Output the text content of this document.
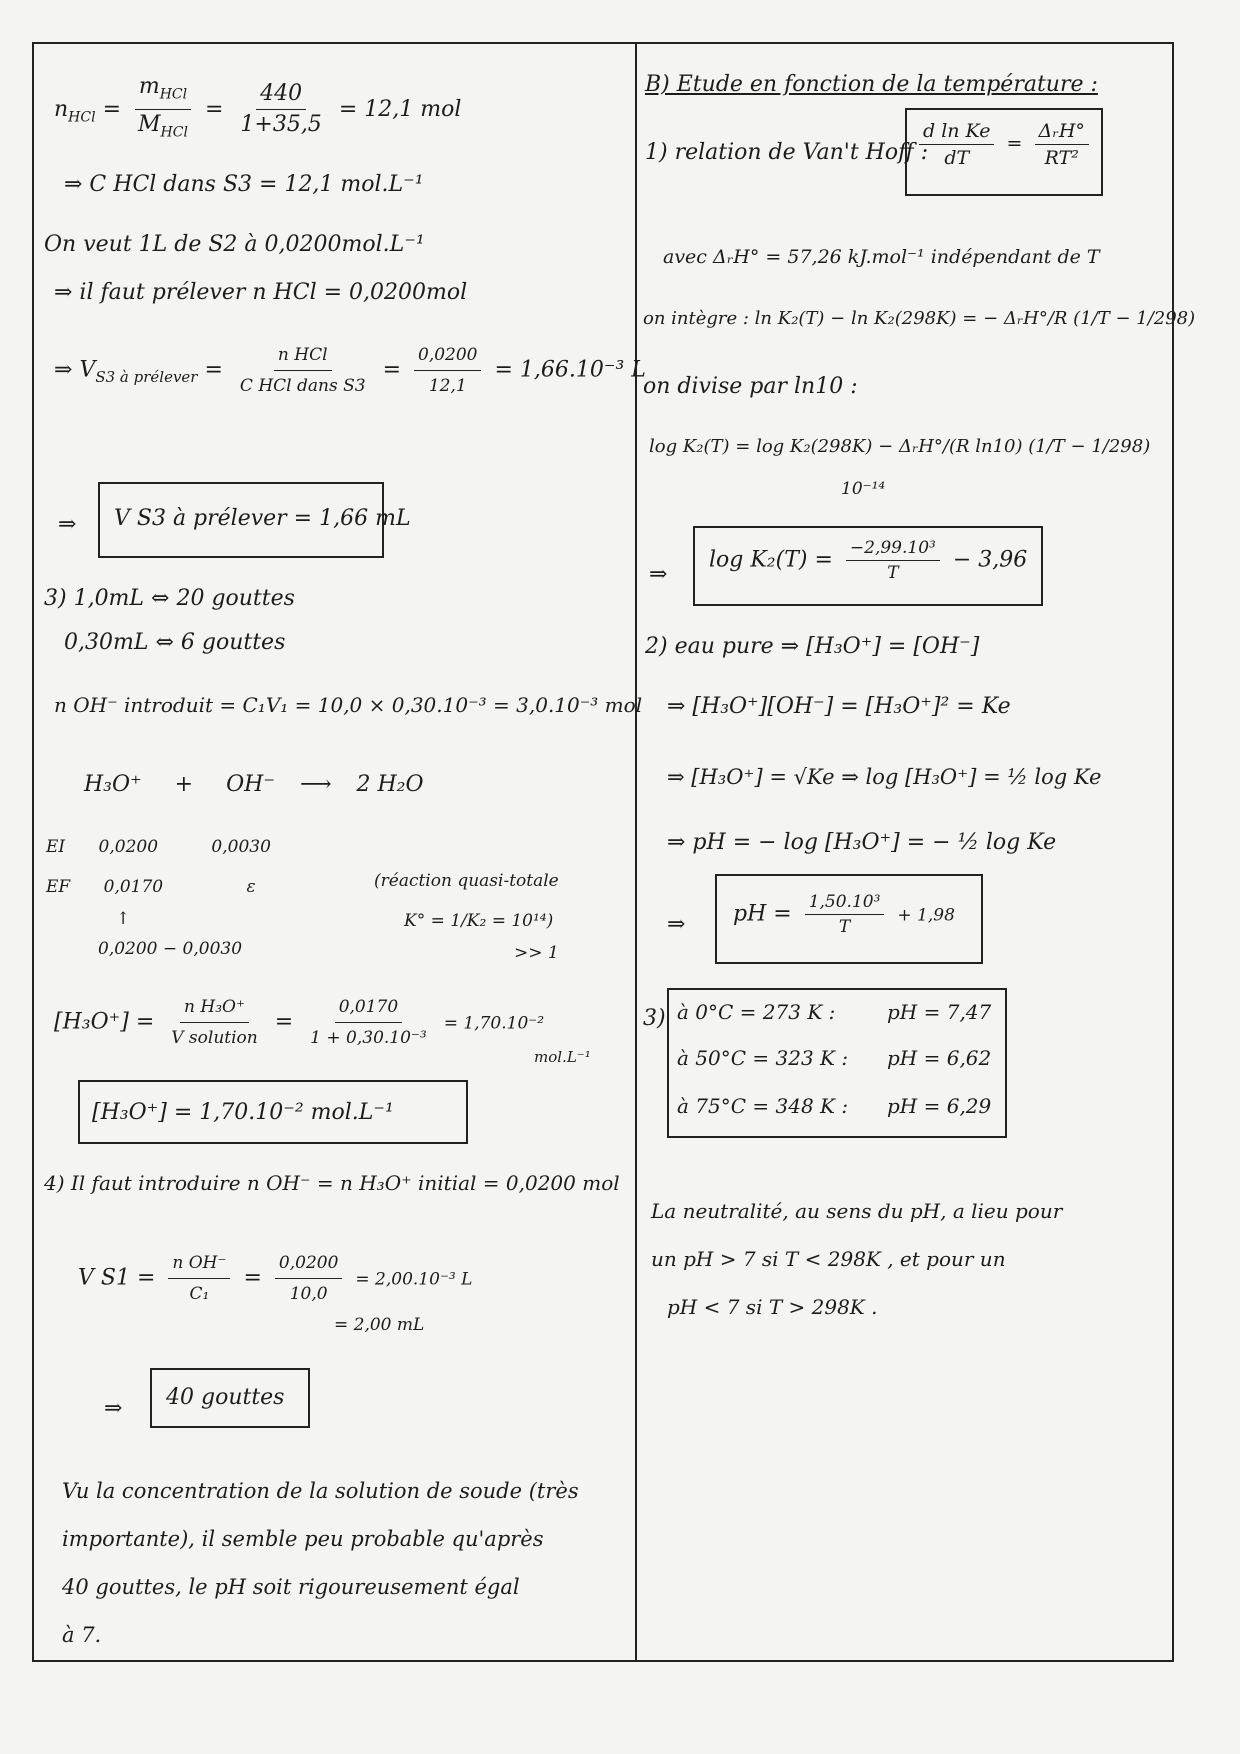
$n_{HCl} = \frac{m_{HCl}}{M_{HCl}} = \frac{440}{1+35,5} = 12,1$ mol
⇒ C HCl dans S3 = 12,1 mol.L⁻¹
On veut 1L de S2 à 0,0200mol.L⁻¹
⇒ il faut prélever n HCl = 0,0200mol
⇒ $V_{S3 à prélever} = \frac{\text{n HCl}}{\text{C HCl dans S3}} = \frac{0,0200}{12,1} = 1,66.10^{-3}$ L
⇒ V S3 à prélever = 1,66 mL
3) 1,0mL ⇔ 20 gouttes
0,30mL ⇔ 6 gouttes
n OH⁻ introduit = C₁V₁ = 10,0 × 0,30.10⁻³ = 3,0.10⁻³ mol
H₃O⁺ + OH⁻ ⟶ 2 H₂O
EI 0,0200	0,0030
EF 0,0170	ε
↑
0,0200 − 0,0030
(réaction quasi-totale
K° = 1/K₂ = 10¹⁴)
>> 1
$[H_3O^+] = \frac{\text{n H₃O⁺}}{\text{V solution}} = \frac{0,0170}{\text{1 + 0,30.10⁻³}} = 1,70.10^{-2}$
mol.L⁻¹
[H₃O⁺] = 1,70.10⁻² mol.L⁻¹
4) Il faut introduire n OH⁻ = n H₃O⁺ initial = 0,0200 mol
V $S1 = \frac{\text{n OH⁻}}{\text{C₁}} = \frac{0,0200}{10,0} = 2,00.10^{-3}$ L
= 2,00 mL
⇒ 40 gouttes
Vu la concentration de la solution de soude (très
importante), il semble peu probable qu'après
40 gouttes, le pH soit rigoureusement égal
à 7.
B) Etude en fonction de la température :
1) relation de Van't Hoff :
$\frac{\text{d ln Ke}}{dT} = \frac{\text{ΔᵣH°}}{\text{RT²}}$
avec ΔᵣH° = 57,26 kJ.mol⁻¹ indépendant de T
on intègre : ln K₂(T) − ln K₂(298K) = − ΔᵣH°/R (1/T − 1/298)
on divise par ln10 :
log K₂(T) = log K₂(298K) − ΔᵣH°/(R ln10) (1/T − 1/298)
10⁻¹⁴
⇒
$\log K_2(T) = \frac{\text{−2,99.10³}}{T} - 3,96$
2) eau pure ⇒ [H₃O⁺] = [OH⁻]
⇒ [H₃O⁺][OH⁻] = [H₃O⁺]² = Ke
⇒ [H₃O⁺] = √Ke ⇒ log [H₃O⁺] = ½ log Ke
⇒ pH = − log [H₃O⁺] = − ½ log Ke
⇒ pH = $\frac{\text{1,50.10³}}{T} + 1,98$
3) à 0°C = 273 K :	pH = 7,47
à 50°C = 323 K : pH = 6,62
à 75°C = 348 K : pH = 6,29
La neutralité, au sens du pH, a lieu pour
un pH > 7 si T < 298K , et pour un
pH < 7 si T > 298K .
